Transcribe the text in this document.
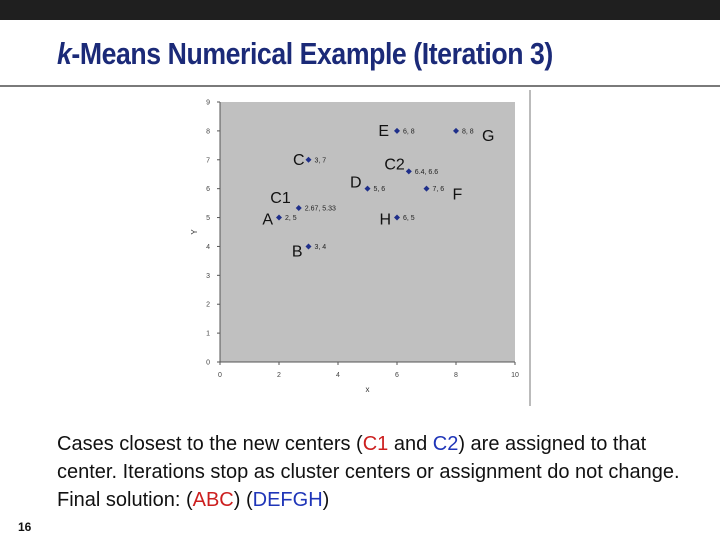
k-Means Numerical Example (Iteration 3)
0
1
2
3
4
5
6
7
8
9
0	2	4	6	8	10
x
Y
6, 8
E	8, 8 G
3, 7
C
6.4, 6.6
C2
5, 6
D	7, 6 F
2.67, 5.33
C1
2, 5
A	6, 5
H
3, 4
B
Cases closest to the new centers (C1 and C2) are assigned to that center. Iterations stop as cluster centers or assignment do not change. Final solution: (ABC) (DEFGH)
16
